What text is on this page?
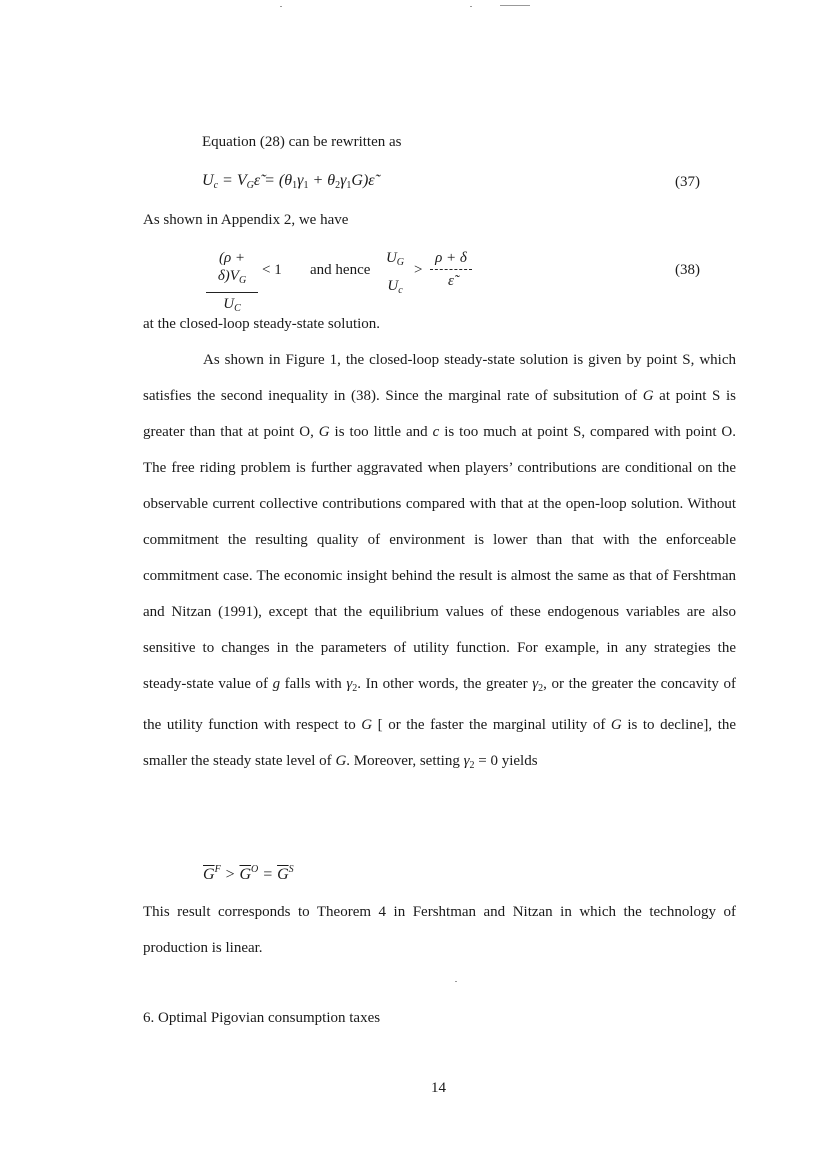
Equation (28) can be rewritten as
$U_c$ = $V_G\varepsiloñ = (\theta_1\gamma_1$ + $\theta_2\gamma_1G)\varepsiloñ$	(37)
As shown in Appendix 2, we have
$(\rho + \delta)V_G$
$U_C$
< 1 and hence
$U_G$
$U_c$
>
ρ + δ
ε̃
(38)
at the closed-loop steady-state solution.
As shown in Figure 1, the closed-loop steady-state solution is given by point S, which satisfies the second inequality in (38). Since the marginal rate of subsitution of G at point S is greater than that at point O, G is too little and c is too much at point S, compared with point O. The free riding problem is further aggravated when players’ contributions are conditional on the observable current collective contributions compared with that at the open-loop solution. Without commitment the resulting quality of environment is lower than that with the enforceable commitment case. The economic insight behind the result is almost the same as that of Fershtman and Nitzan (1991), except that the equilibrium values of these endogenous variables are also sensitive to changes in the parameters of utility function. For example, in any strategies the steady-state value of g falls with $\gamma_2$. In other words, the greater $\gamma_2$, or the greater the concavity of the utility function with respect to G [ or the faster the marginal utility of G is to decline], the smaller the steady state level of G. Moreover, setting $\gamma_2 = 0$ yields
$\overline{G}^F > \overline{G}^O = \overline{G}^S$
This result corresponds to Theorem 4 in Fershtman and Nitzan in which the technology of production is linear.
6. Optimal Pigovian consumption taxes
14
